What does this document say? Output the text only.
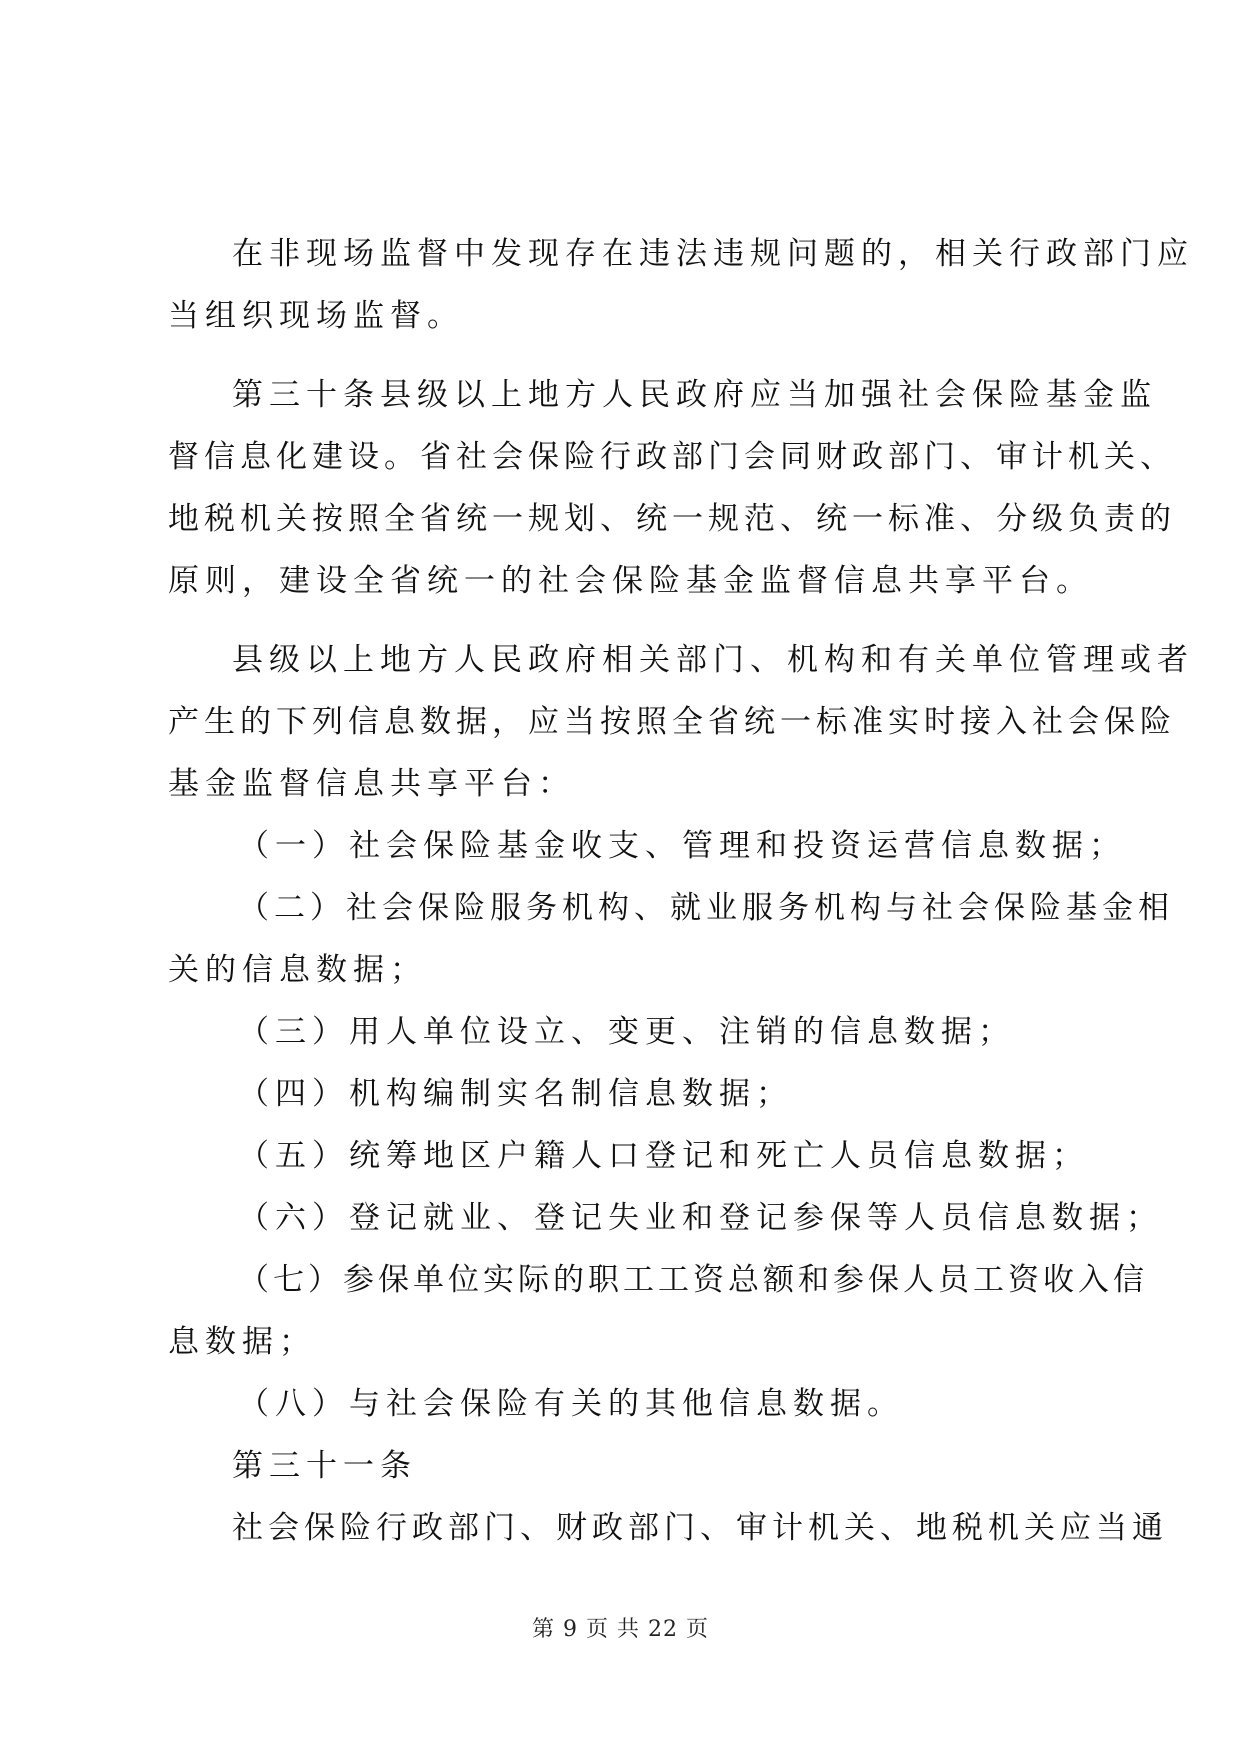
在非现场监督中发现存在违法违规问题的，相关行政部门应
当组织现场监督。
第三十条县级以上地方人民政府应当加强社会保险基金监
督信息化建设。省社会保险行政部门会同财政部门、审计机关、
地税机关按照全省统一规划、统一规范、统一标准、分级负责的
原则，建设全省统一的社会保险基金监督信息共享平台。
县级以上地方人民政府相关部门、机构和有关单位管理或者
产生的下列信息数据，应当按照全省统一标准实时接入社会保险
基金监督信息共享平台：
（一）社会保险基金收支、管理和投资运营信息数据；
（二）社会保险服务机构、就业服务机构与社会保险基金相
关的信息数据；
（三）用人单位设立、变更、注销的信息数据；
（四）机构编制实名制信息数据；
（五）统筹地区户籍人口登记和死亡人员信息数据；
（六）登记就业、登记失业和登记参保等人员信息数据；
（七）参保单位实际的职工工资总额和参保人员工资收入信
息数据；
（八）与社会保险有关的其他信息数据。
第三十一条
社会保险行政部门、财政部门、审计机关、地税机关应当通
第 9 页 共 22 页
